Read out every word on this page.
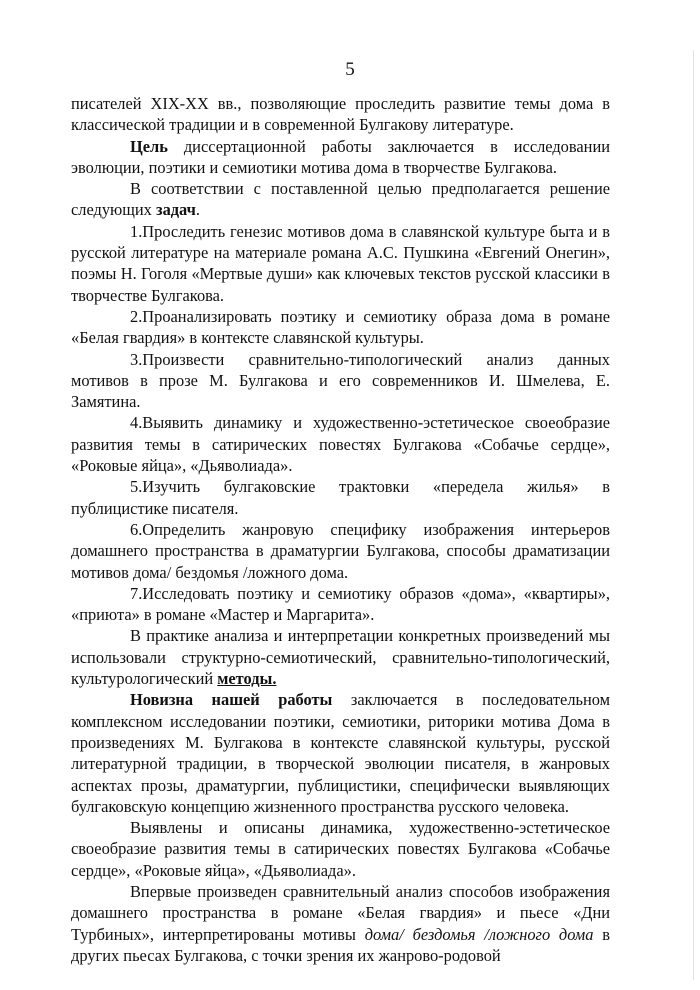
5

писателей XIX-XX вв., позволяющие проследить развитие темы дома в классической традиции и в современной Булгакову литературе.

Цель диссертационной работы заключается в исследовании эволюции, поэтики и семиотики мотива дома в творчестве Булгакова.

В соответствии с поставленной целью предполагается решение следующих задач.

1.Проследить генезис мотивов дома в славянской культуре быта и в русской литературе на материале романа А.С. Пушкина «Евгений Онегин», поэмы Н. Гоголя «Мертвые души» как ключевых текстов русской классики в творчестве Булгакова.

2.Проанализировать поэтику и семиотику образа дома в романе «Белая гвардия» в контексте славянской культуры.

3.Произвести сравнительно-типологический анализ данных мотивов в прозе М. Булгакова и его современников И. Шмелева, Е. Замятина.

4.Выявить динамику и художественно-эстетическое своеобразие развития темы в сатирических повестях Булгакова «Собачье сердце», «Роковые яйца», «Дьяволиада».

5.Изучить булгаковские трактовки «передела жилья» в публицистике писателя.

6.Определить жанровую специфику изображения интерьеров домашнего пространства в драматургии Булгакова, способы драматизации мотивов дома/ бездомья /ложного дома.

7.Исследовать поэтику и семиотику образов «дома», «квартиры», «приюта» в романе «Мастер и Маргарита».

В практике анализа и интерпретации конкретных произведений мы использовали структурно-семиотический, сравнительно-типологический, культурологический методы.

Новизна нашей работы заключается в последовательном комплексном исследовании поэтики, семиотики, риторики мотива Дома в произведениях М. Булгакова в контексте славянской культуры, русской литературной традиции, в творческой эволюции писателя, в жанровых аспектах прозы, драматургии, публицистики, специфически выявляющих булгаковскую концепцию жизненного пространства русского человека.

Выявлены и описаны динамика, художественно-эстетическое своеобразие развития темы в сатирических повестях Булгакова «Собачье сердце», «Роковые яйца», «Дьяволиада».

Впервые произведен сравнительный анализ способов изображения домашнего пространства в романе «Белая гвардия» и пьесе «Дни Турбиных», интерпретированы мотивы дома/ бездомья /ложного дома в других пьесах Булгакова, с точки зрения их жанрово-родовой
